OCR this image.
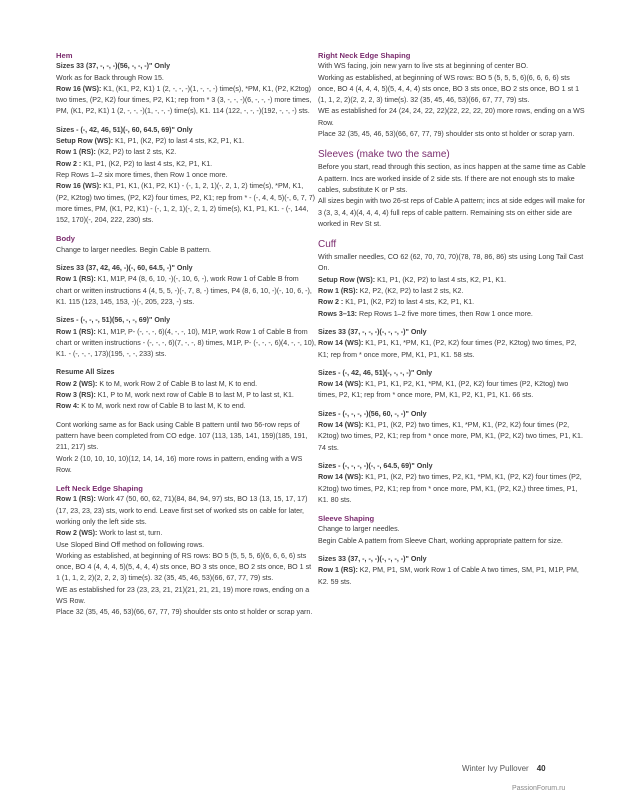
Hem

Sizes 33 (37, -, -, -)(56, -, -, -)" Only

Work as for Back through Row 15.

Row 16 (WS): K1, (K1, P2, K1) 1 (2, -, -, -)(1, -, -, -) time(s), *PM, K1, (P2, K2tog) two times, (P2, K2) four times, P2, K1; rep from * 3 (3, -, -, -)(6, -, -, -) more times, PM, (K1, P2, K1) 1 (2, -, -, -)(1, -, -, -) time(s), K1. 114 (122, -, -, -)(192, -, -, -) sts.

Sizes - (-, 42, 46, 51)(-, 60, 64.5, 69)" Only

Setup Row (WS): K1, P1, (K2, P2) to last 4 sts, K2, P1, K1.

Row 1 (RS): (K2, P2) to last 2 sts, K2.

Row 2 : K1, P1, (K2, P2) to last 4 sts, K2, P1, K1.

Rep Rows 1–2 six more times, then Row 1 once more.

Row 16 (WS): K1, P1, K1, (K1, P2, K1) - (-, 1, 2, 1)(-, 2, 1, 2) time(s), *PM, K1, (P2, K2tog) two times, (P2, K2) four times, P2, K1; rep from * - (-, 4, 4, 5)(-, 6, 7, 7) more times, PM, (K1, P2, K1) - (-, 1, 2, 1)(-, 2, 1, 2) time(s), K1, P1, K1. - (-, 144, 152, 170)(-, 204, 222, 230) sts.

Body

Change to larger needles. Begin Cable B pattern.

Sizes 33 (37, 42, 46, -)(-, 60, 64.5, -)" Only

Row 1 (RS): K1, M1P, P4 (8, 6, 10, -)(-, 10, 6, -), work Row 1 of Cable B from chart or written instructions 4 (4, 5, 5, -)(-, 7, 8, -) times, P4 (8, 6, 10, -)(-, 10, 6, -), K1. 115 (123, 145, 153, -)(-, 205, 223, -) sts.

Sizes - (-, -, -, 51)(56, -, -, 69)" Only

Row 1 (RS): K1, M1P, P- (-, -, -, 6)(4, -, -, 10), M1P, work Row 1 of Cable B from chart or written instructions - (-, -, -, 6)(7, -, -, 8) times, M1P, P- (-, -, -, 6)(4, -, -, 10), K1. - (-, -, -, 173)(195, -, -, 233) sts.

Resume All Sizes

Row 2 (WS): K to M, work Row 2 of Cable B to last M, K to end.

Row 3 (RS): K1, P to M, work next row of Cable B to last M, P to last st, K1.

Row 4: K to M, work next row of Cable B to last M, K to end.

Cont working same as for Back using Cable B pattern until two 56-row reps of pattern have been completed from CO edge. 107 (113, 135, 141, 159)(185, 191, 211, 217) sts.

Work 2 (10, 10, 10, 10)(12, 14, 14, 16) more rows in pattern, ending with a WS Row.

Left Neck Edge Shaping

Row 1 (RS): Work 47 (50, 60, 62, 71)(84, 84, 94, 97) sts, BO 13 (13, 15, 17, 17)(17, 23, 23, 23) sts, work to end. Leave first set of worked sts on cable for later, working only the left side sts.

Row 2 (WS): Work to last st, turn.

Use Sloped Bind Off method on following rows.

Working as established, at beginning of RS rows: BO 5 (5, 5, 5, 6)(6, 6, 6, 6) sts once, BO 4 (4, 4, 4, 5)(5, 4, 4, 4) sts once, BO 3 sts once, BO 2 sts once, BO 1 st 1 (1, 1, 2, 2)(2, 2, 2, 3) time(s). 32 (35, 45, 46, 53)(66, 67, 77, 79) sts.

WE as established for 23 (23, 23, 21, 21)(21, 21, 21, 19) more rows, ending on a WS Row.

Place 32 (35, 45, 46, 53)(66, 67, 77, 79) shoulder sts onto st holder or scrap yarn.

Right Neck Edge Shaping

With WS facing, join new yarn to live sts at beginning of center BO.

Working as established, at beginning of WS rows: BO 5 (5, 5, 5, 6)(6, 6, 6, 6) sts once, BO 4 (4, 4, 4, 5)(5, 4, 4, 4) sts once, BO 3 sts once, BO 2 sts once, BO 1 st 1 (1, 1, 2, 2)(2, 2, 2, 3) time(s). 32 (35, 45, 46, 53)(66, 67, 77, 79) sts.

WE as established for 24 (24, 24, 22, 22)(22, 22, 22, 20) more rows, ending on a WS Row.

Place 32 (35, 45, 46, 53)(66, 67, 77, 79) shoulder sts onto st holder or scrap yarn.

Sleeves (make two the same)

Before you start, read through this section, as incs happen at the same time as Cable A pattern. Incs are worked inside of 2 side sts. If there are not enough sts to make cables, substitute K or P sts.

All sizes begin with two 26-st reps of Cable A pattern; incs at side edges will make for 3 (3, 3, 4, 4)(4, 4, 4, 4) full reps of cable pattern. Remaining sts on either side are worked in Rev St st.

Cuff

With smaller needles, CO 62 (62, 70, 70, 70)(78, 78, 86, 86) sts using Long Tail Cast On.

Setup Row (WS): K1, P1, (K2, P2) to last 4 sts, K2, P1, K1.

Row 1 (RS): K2, P2, (K2, P2) to last 2 sts, K2.

Row 2 : K1, P1, (K2, P2) to last 4 sts, K2, P1, K1.

Rows 3–13: Rep Rows 1–2 five more times, then Row 1 once more.

Sizes 33 (37, -, -, -)(-, -, -, -)" Only

Row 14 (WS): K1, P1, K1, *PM, K1, (P2, K2) four times (P2, K2tog) two times, P2, K1; rep from * once more, PM, K1, P1, K1. 58 sts.

Sizes - (-, 42, 46, 51)(-, -, -, -)" Only

Row 14 (WS): K1, P1, K1, P2, K1, *PM, K1, (P2, K2) four times (P2, K2tog) two times, P2, K1; rep from * once more, PM, K1, P2, K1, P1, K1. 66 sts.

Sizes - (-, -, -, -)(56, 60, -, -)" Only

Row 14 (WS): K1, P1, (K2, P2) two times, K1, *PM, K1, (P2, K2) four times (P2, K2tog) two times, P2, K1; rep from * once more, PM, K1, (P2, K2) two times, P1, K1. 74 sts.

Sizes - (-, -, -, -)(-, -, 64.5, 69)" Only

Row 14 (WS): K1, P1, (K2, P2) two times, P2, K1, *PM, K1, (P2, K2) four times (P2, K2tog) two times, P2, K1; rep from * once more, PM, K1, (P2, K2,) three times, P1, K1. 80 sts.

Sleeve Shaping

Change to larger needles.

Begin Cable A pattern from Sleeve Chart, working appropriate pattern for size.

Sizes 33 (37, -, -, -)(-, -, -, -)" Only

Row 1 (RS): K2, PM, P1, SM, work Row 1 of Cable A two times, SM, P1, M1P, PM, K2. 59 sts.

Winter Ivy Pullover 40
PassionForum.ru
